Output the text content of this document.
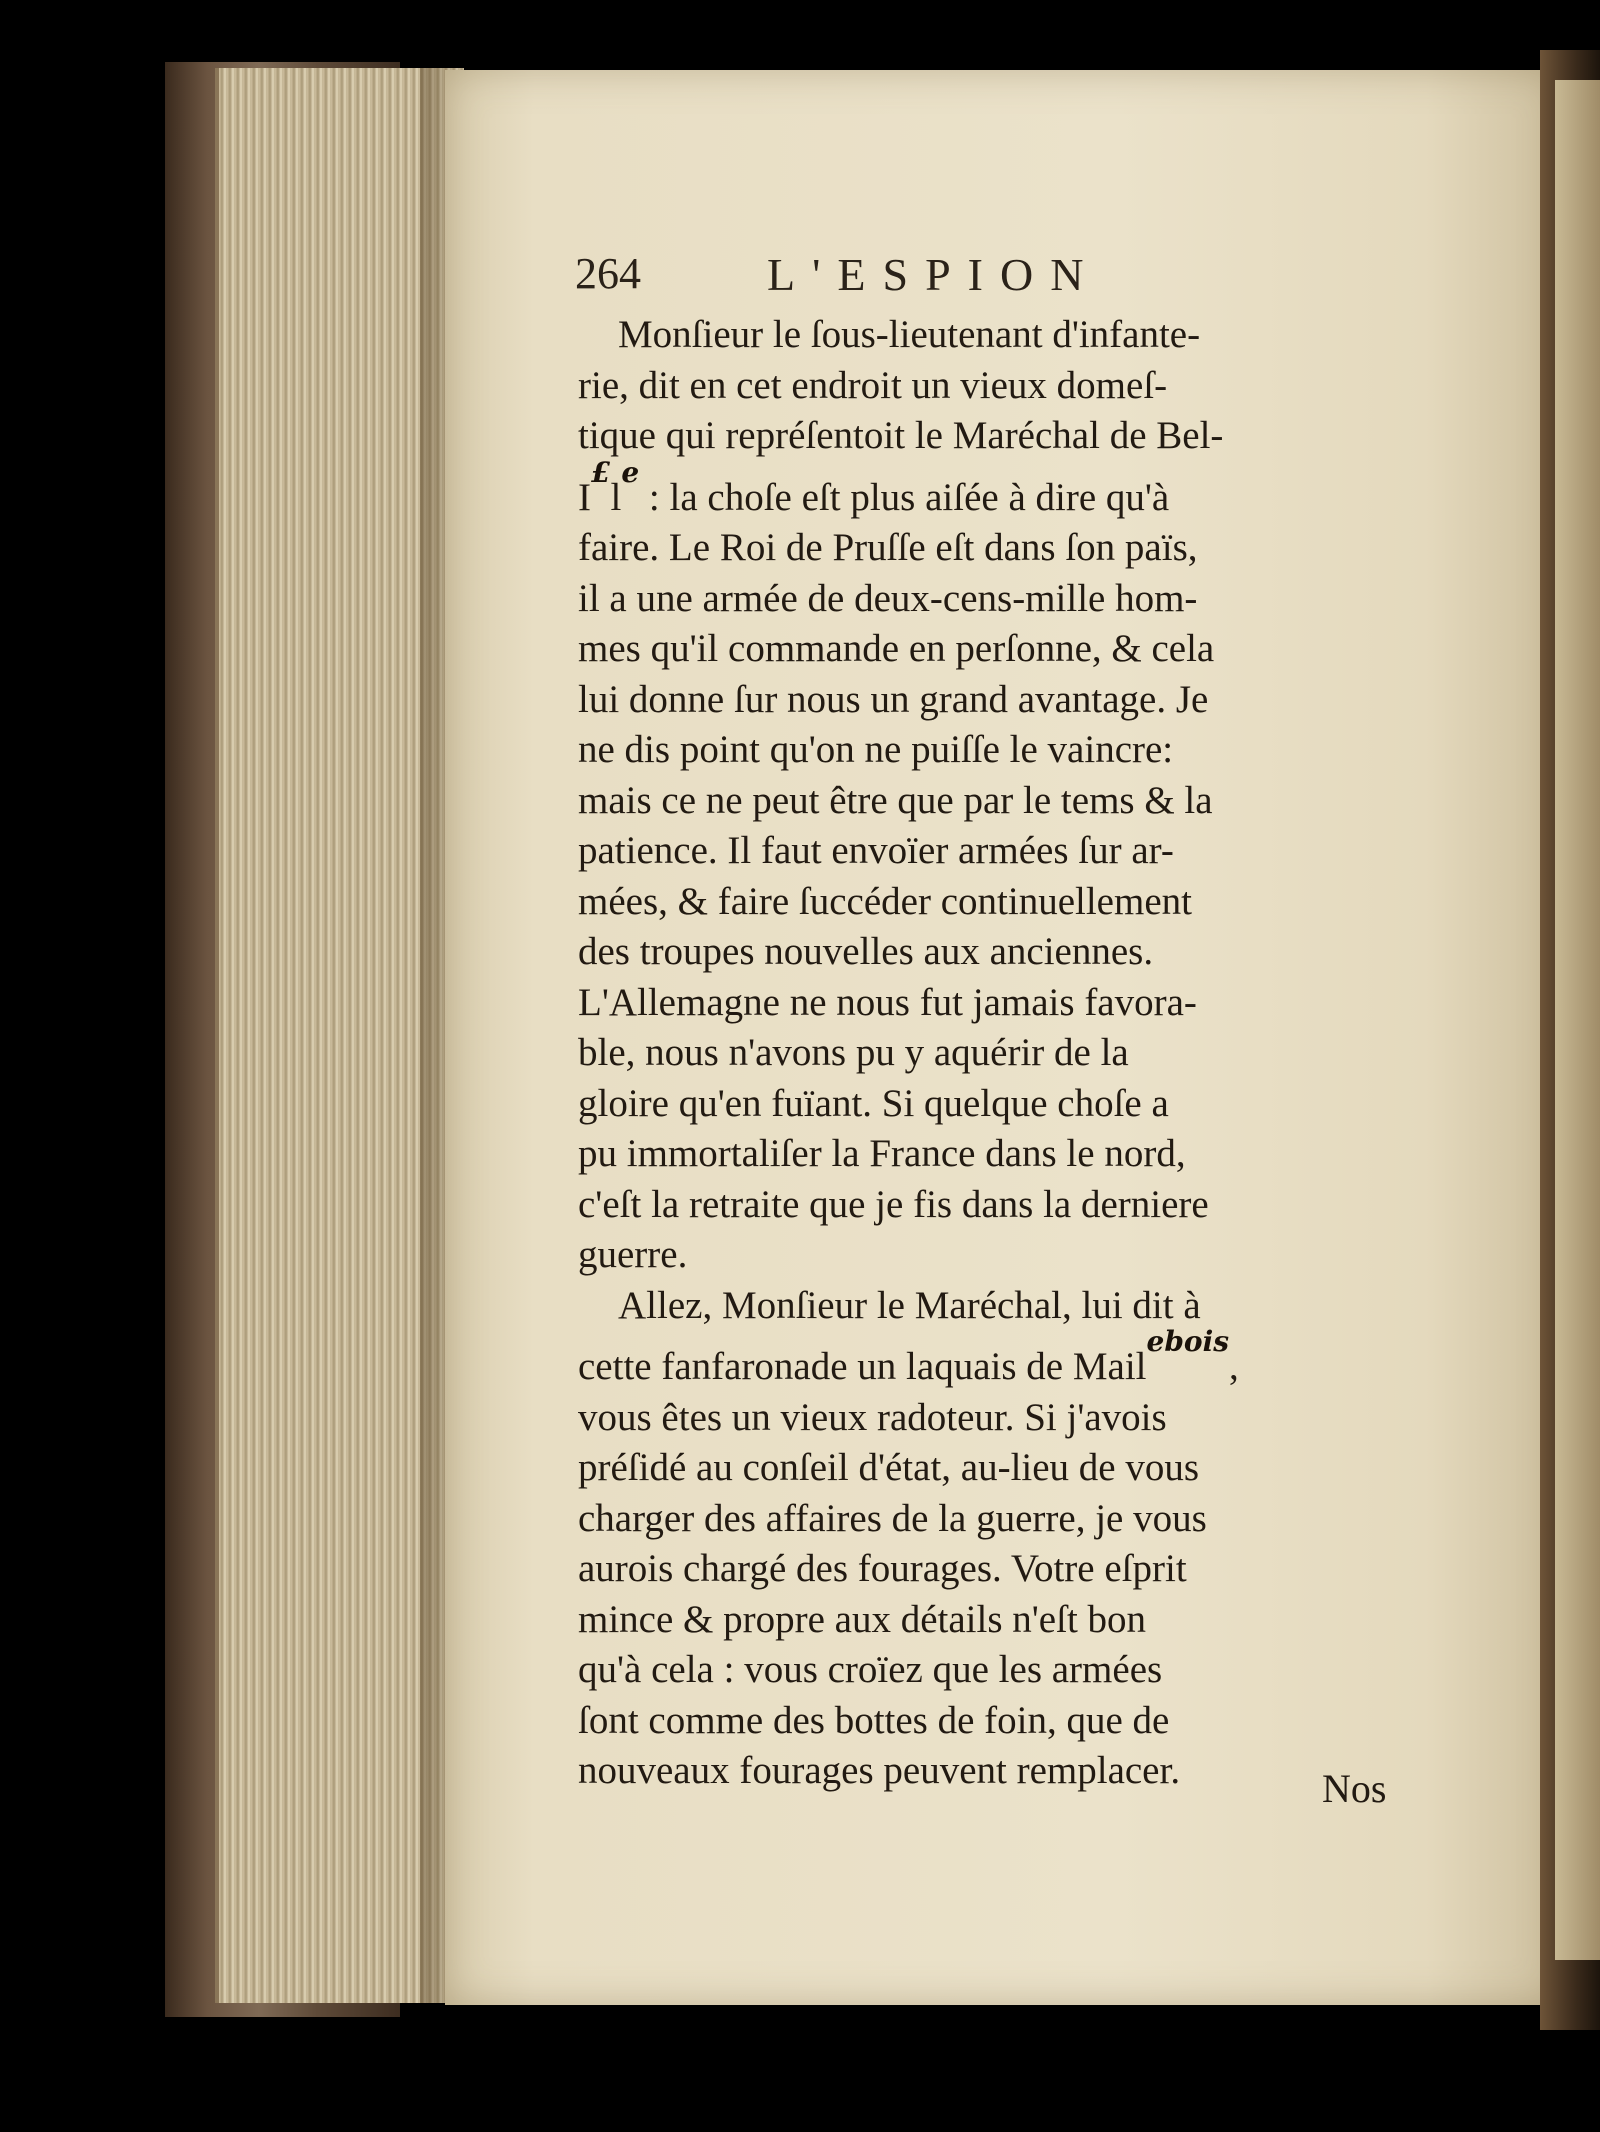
264	L'ESPION

Monſieur le ſous-lieutenant d'infante-
rie, dit en cet endroit un vieux domeſ-
tique qui repréſentoit le Maréchal de Bel-
$I^£l^e$ : la choſe eſt plus aiſée à dire qu'à
faire. Le Roi de Pruſſe eſt dans ſon païs,
il a une armée de deux-cens-mille hom-
mes qu'il commande en perſonne, & cela
lui donne ſur nous un grand avantage. Je
ne dis point qu'on ne puiſſe le vaincre:
mais ce ne peut être que par le tems & la
patience. Il faut envoïer armées ſur ar-
mées, & faire ſuccéder continuellement
des troupes nouvelles aux anciennes.
L'Allemagne ne nous fut jamais favora-
ble, nous n'avons pu y aquérir de la
gloire qu'en fuïant. Si quelque choſe a
pu immortaliſer la France dans le nord,
c'eſt la retraite que je fis dans la derniere
guerre.

Allez, Monſieur le Maréchal, lui dit à
cette fanfaronade un laquais de Mail$^{ebois}$,
vous êtes un vieux radoteur. Si j'avois
préſidé au conſeil d'état, au-lieu de vous
charger des affaires de la guerre, je vous
aurois chargé des fourages. Votre eſprit
mince & propre aux détails n'eſt bon
qu'à cela : vous croïez que les armées
ſont comme des bottes de foin, que de
nouveaux fourages peuvent remplacer.	Nos
